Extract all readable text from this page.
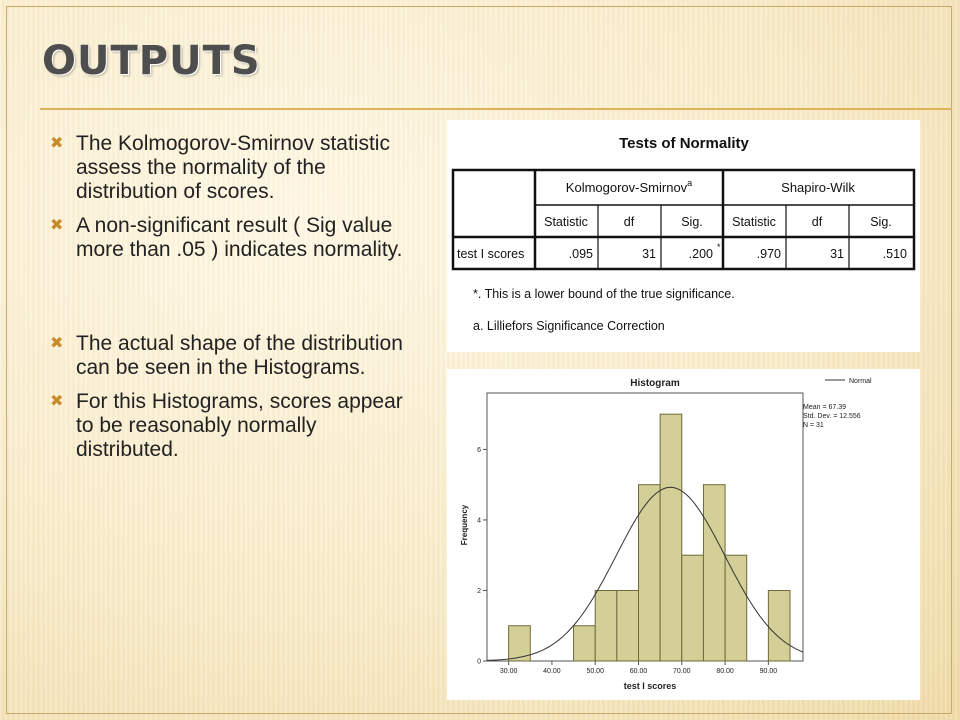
OUTPUTS
✖ The Kolmogorov-Smirnov statistic assess the normality of the distribution of scores.
✖ A non-significant result ( Sig value more than .05 ) indicates normality.
✖ The actual shape of the distribution can be seen in the Histograms.
✖ For this Histograms, scores appear to be reasonably normally distributed.
Tests of Normality
Kolmogorov-Smirnov$^a$	Shapiro-Wilk
Statistic	df	Sig. Statistic	df	Sig.
test I scores	.095	31	.200 *	.970	31	.510
*. This is a lower bound of the true significance.
a. Lilliefors Significance Correction
Histogram	Normal
Mean = 67.39
Std. Dev. = 12.556
N = 31
Frequency
test I scores
0
2
4
6
30.00	40.00	50.00	60.00	70.00	80.00	90.00
